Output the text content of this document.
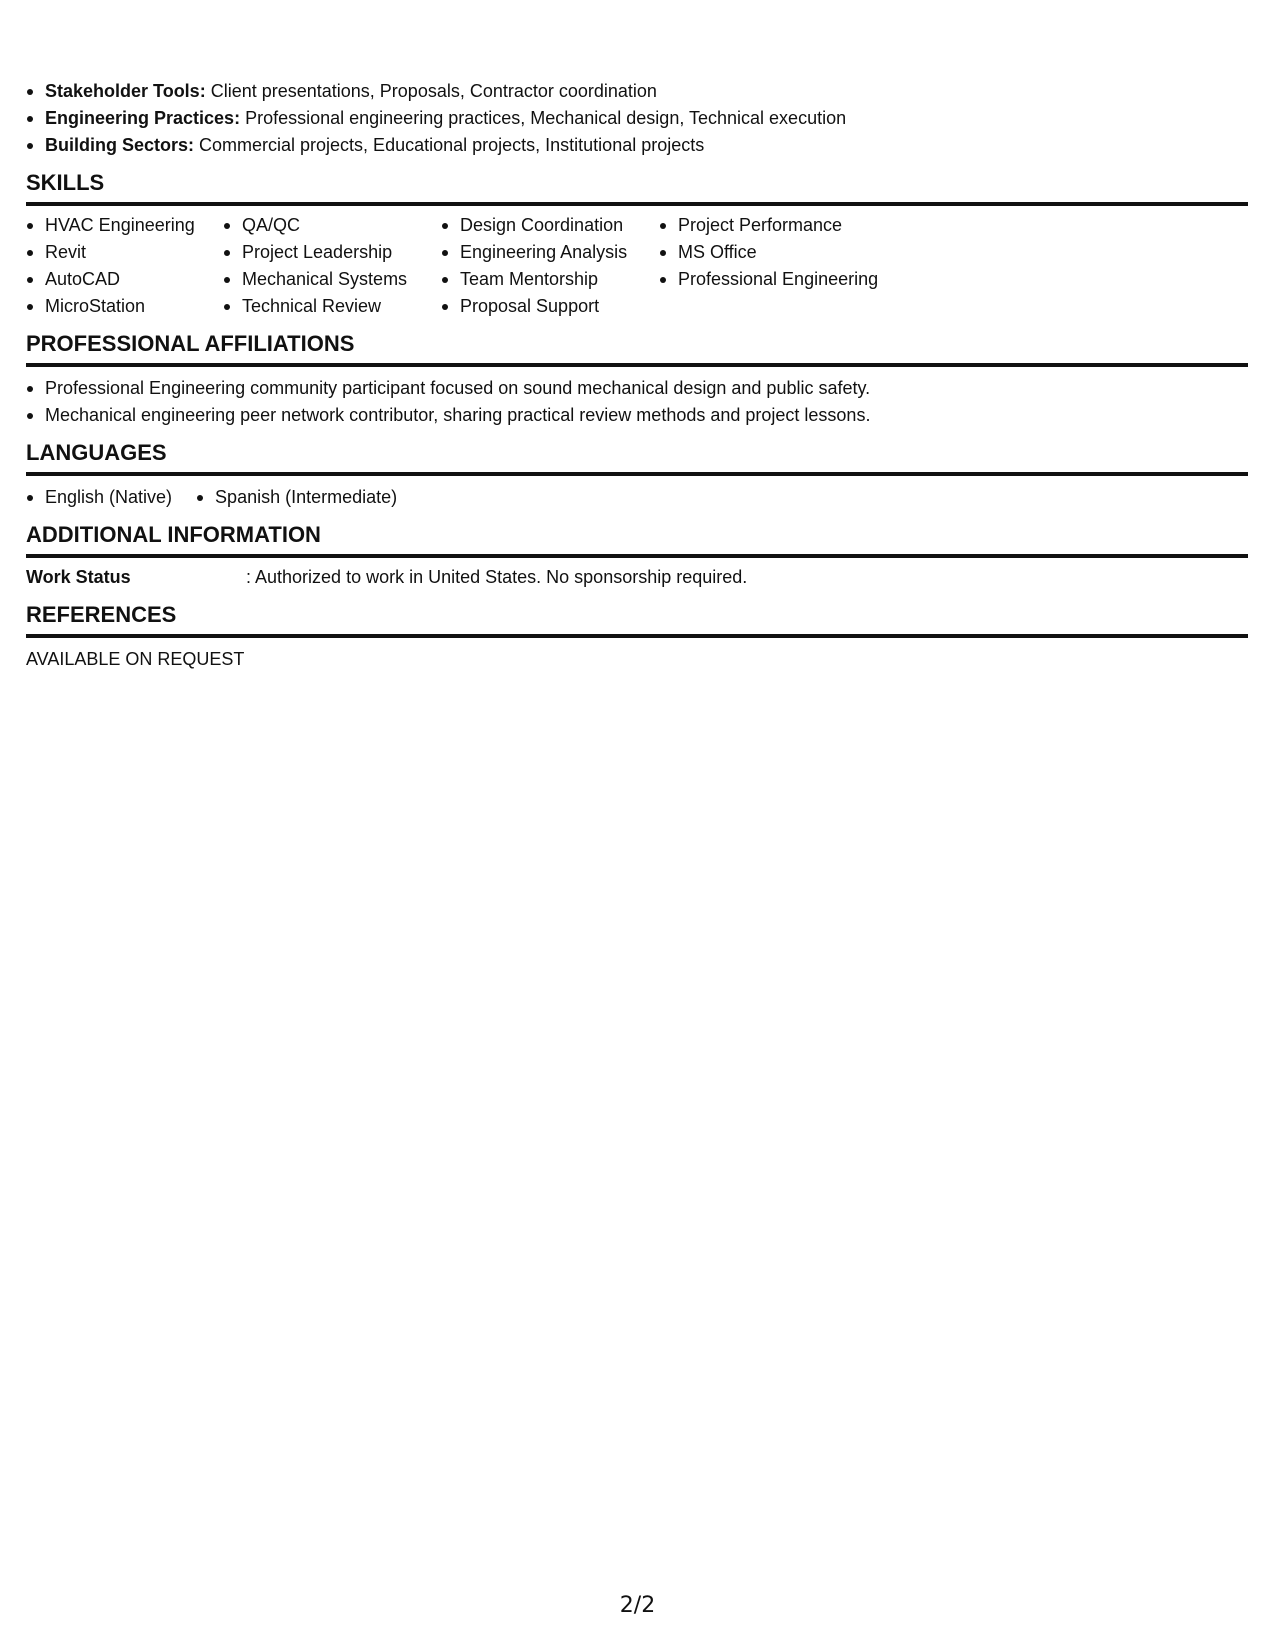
Stakeholder Tools: Client presentations, Proposals, Contractor coordination
Engineering Practices: Professional engineering practices, Mechanical design, Technical execution
Building Sectors: Commercial projects, Educational projects, Institutional projects
SKILLS
HVAC Engineering
Revit
AutoCAD
MicroStation
QA/QC
Project Leadership
Mechanical Systems
Technical Review
Design Coordination
Engineering Analysis
Team Mentorship
Proposal Support
Project Performance
MS Office
Professional Engineering
PROFESSIONAL AFFILIATIONS
Professional Engineering community participant focused on sound mechanical design and public safety.
Mechanical engineering peer network contributor, sharing practical review methods and project lessons.
LANGUAGES
English (Native)	Spanish (Intermediate)
ADDITIONAL INFORMATION
Work Status	: Authorized to work in United States. No sponsorship required.
REFERENCES
AVAILABLE ON REQUEST
2/2
